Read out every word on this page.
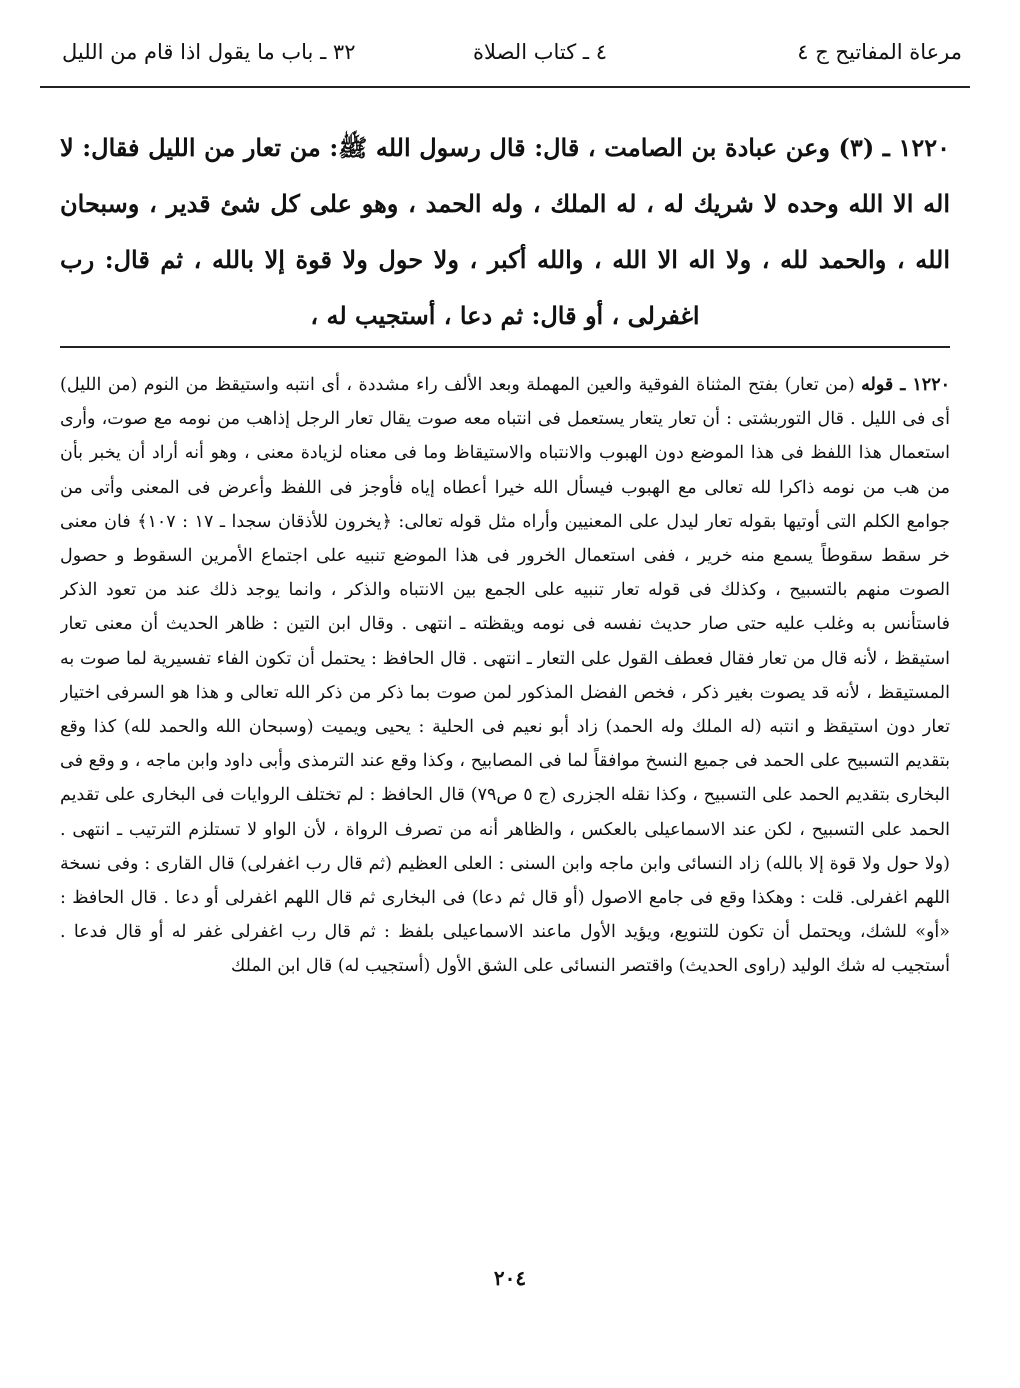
مرعاة المفاتيح ج ٤
٤ ـ كتاب الصلاة
٣٢ ـ باب ما يقول اذا قام من الليل
١٢٢٠ ـ (٣) وعن عبادة بن الصامت ، قال: قال رسول الله ﷺ: من تعار من الليل فقال: لا اله الا الله وحده لا شريك له ، له الملك ، وله الحمد ، وهو على كل شئ قدير ، وسبحان الله ، والحمد لله ، ولا اله الا الله ، والله أكبر ، ولا حول ولا قوة إلا بالله ، ثم قال: رب اغفرلى ، أو قال: ثم دعا ، أستجيب له ،
١٢٢٠ ـ قوله (من تعار) بفتح المثناة الفوقية والعين المهملة وبعد الألف راء مشددة ، أى انتبه واستيقظ من النوم (من الليل) أى فى الليل . قال التوربشتى : أن تعار يتعار يستعمل فى انتباه معه صوت يقال تعار الرجل إذاهب من نومه مع صوت، وأرى استعمال هذا اللفظ فى هذا الموضع دون الهبوب والانتباه والاستيقاظ وما فى معناه لزيادة معنى ، وهو أنه أراد أن يخبر بأن من هب من نومه ذاكرا لله تعالى مع الهبوب فيسأل الله خيرا أعطاه إياه فأوجز فى اللفظ وأعرض فى المعنى وأتى من جوامع الكلم التى أوتيها بقوله تعار ليدل على المعنيين وأراه مثل قوله تعالى: ﴿يخرون للأذقان سجدا ـ ١٧ : ١٠٧﴾ فان معنى خر سقط سقوطاً يسمع منه خرير ، ففى استعمال الخرور فى هذا الموضع تنبيه على اجتماع الأمرين السقوط و حصول الصوت منهم بالتسبيح ، وكذلك فى قوله تعار تنبيه على الجمع بين الانتباه والذكر ، وانما يوجد ذلك عند من تعود الذكر فاستأنس به وغلب عليه حتى صار حديث نفسه فى نومه ويقظته ـ انتهى . وقال ابن التين : ظاهر الحديث أن معنى تعار استيقظ ، لأنه قال من تعار فقال فعطف القول على التعار ـ انتهى . قال الحافظ : يحتمل أن تكون الفاء تفسيرية لما صوت به المستيقظ ، لأنه قد يصوت بغير ذكر ، فخص الفضل المذكور لمن صوت بما ذكر من ذكر الله تعالى و هذا هو السرفى اختيار تعار دون استيقظ و انتبه (له الملك وله الحمد) زاد أبو نعيم فى الحلية : يحيى ويميت (وسبحان الله والحمد لله) كذا وقع بتقديم التسبيح على الحمد فى جميع النسخ موافقاً لما فى المصابيح ، وكذا وقع عند الترمذى وأبى داود وابن ماجه ، و وقع فى البخارى بتقديم الحمد على التسبيح ، وكذا نقله الجزرى (ج ٥ ص٧٩) قال الحافظ : لم تختلف الروايات فى البخارى على تقديم الحمد على التسبيح ، لكن عند الاسماعيلى بالعكس ، والظاهر أنه من تصرف الرواة ، لأن الواو لا تستلزم الترتيب ـ انتهى . (ولا حول ولا قوة إلا بالله) زاد النسائى وابن ماجه وابن السنى : العلى العظيم (ثم قال رب اغفرلى) قال القارى : وفى نسخة اللهم اغفرلى. قلت : وهكذا وقع فى جامع الاصول (أو قال ثم دعا) فى البخارى ثم قال اللهم اغفرلى أو دعا . قال الحافظ : «أو» للشك، ويحتمل أن تكون للتنويع، ويؤيد الأول ماعند الاسماعيلى بلفظ : ثم قال رب اغفرلى غفر له أو قال فدعا . أستجيب له شك الوليد (راوى الحديث) واقتصر النسائى على الشق الأول (أستجيب له) قال ابن الملك
٢٠٤
